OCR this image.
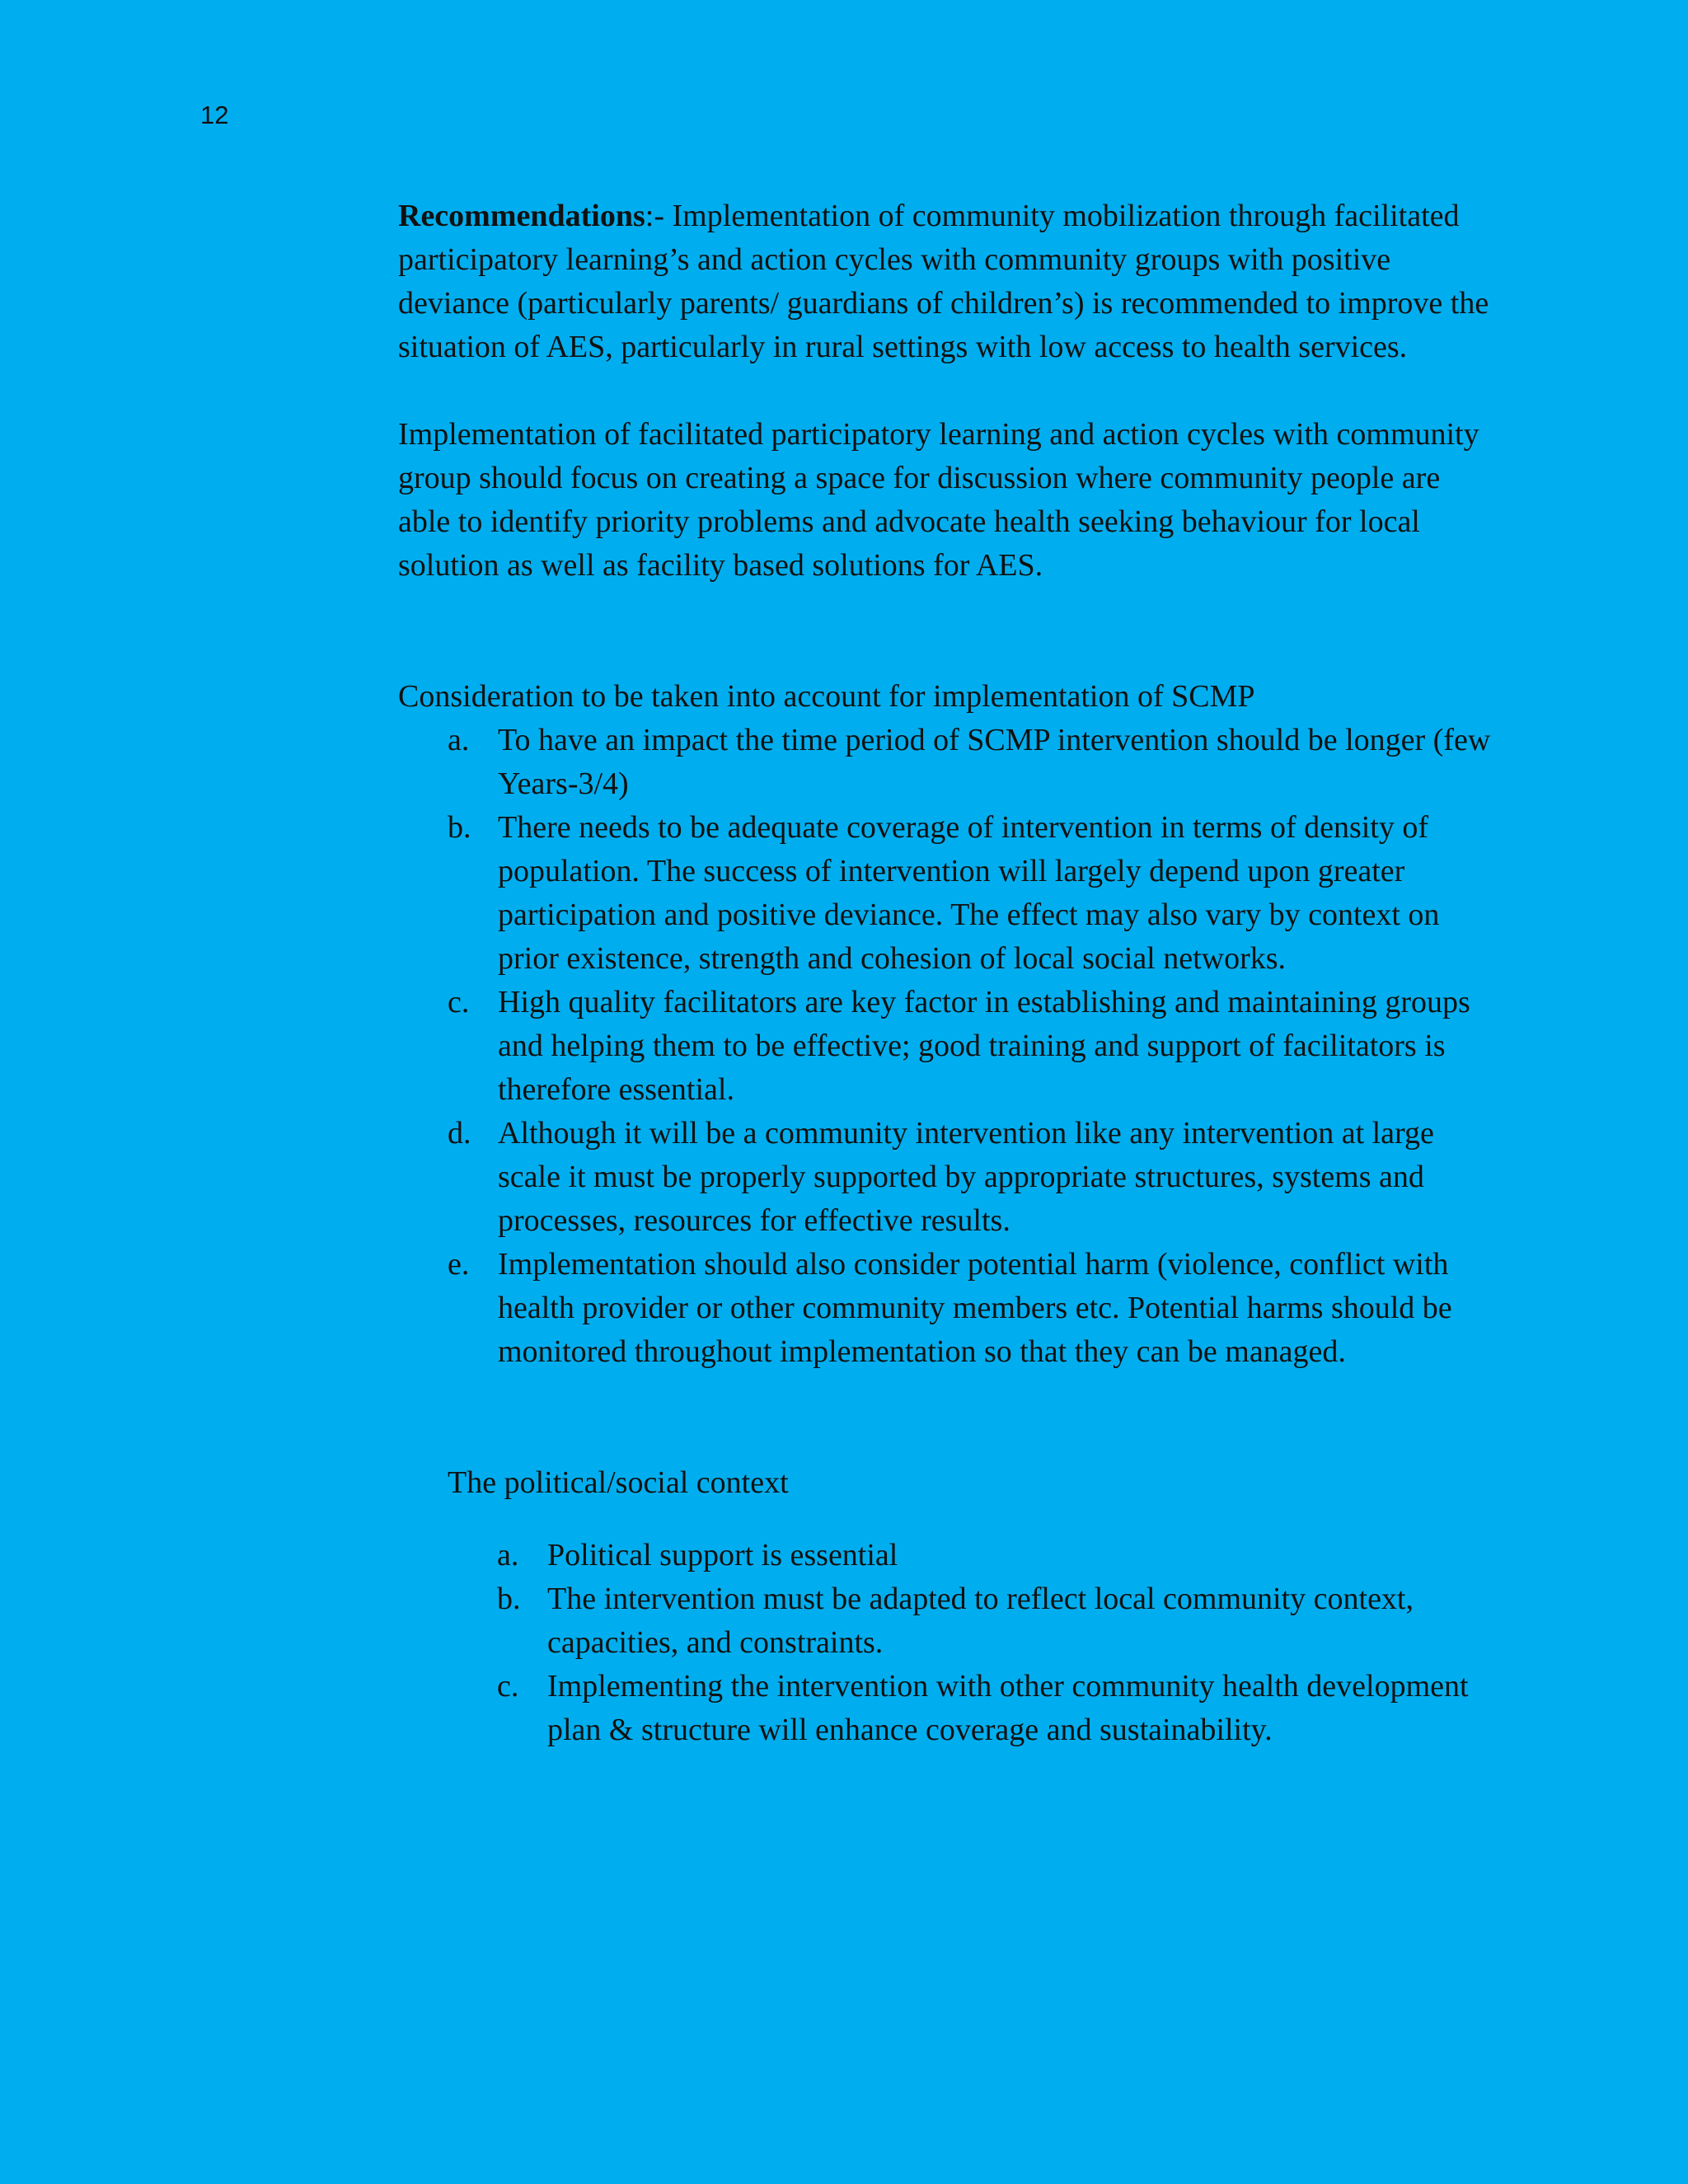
12

Recommendations:- Implementation of community mobilization through facilitated participatory learning’s and action cycles with community groups with positive deviance (particularly parents/ guardians of children’s) is recommended to improve the situation of AES, particularly in rural settings with low access to health services.

Implementation of facilitated participatory learning and action cycles with community group should focus on creating a space for discussion where community people are able to identify priority problems and advocate health seeking behaviour for local solution as well as facility based solutions for AES.

Consideration to be taken into account for implementation of SCMP
a. To have an impact the time period of SCMP intervention should be longer (few Years-3/4)
b. There needs to be adequate coverage of intervention in terms of density of population. The success of intervention will largely depend upon greater participation and positive deviance. The effect may also vary by context on prior existence, strength and cohesion of local social networks.
c. High quality facilitators are key factor in establishing and maintaining groups and helping them to be effective; good training and support of facilitators is therefore essential.
d. Although it will be a community intervention like any intervention at large scale it must be properly supported by appropriate structures, systems and processes, resources for effective results.
e. Implementation should also consider potential harm (violence, conflict with health provider or other community members etc. Potential harms should be monitored throughout implementation so that they can be managed.
The political/social context
a. Political support is essential
b. The intervention must be adapted to reflect local community context, capacities, and constraints.
c. Implementing the intervention with other community health development plan & structure will enhance coverage and sustainability.
